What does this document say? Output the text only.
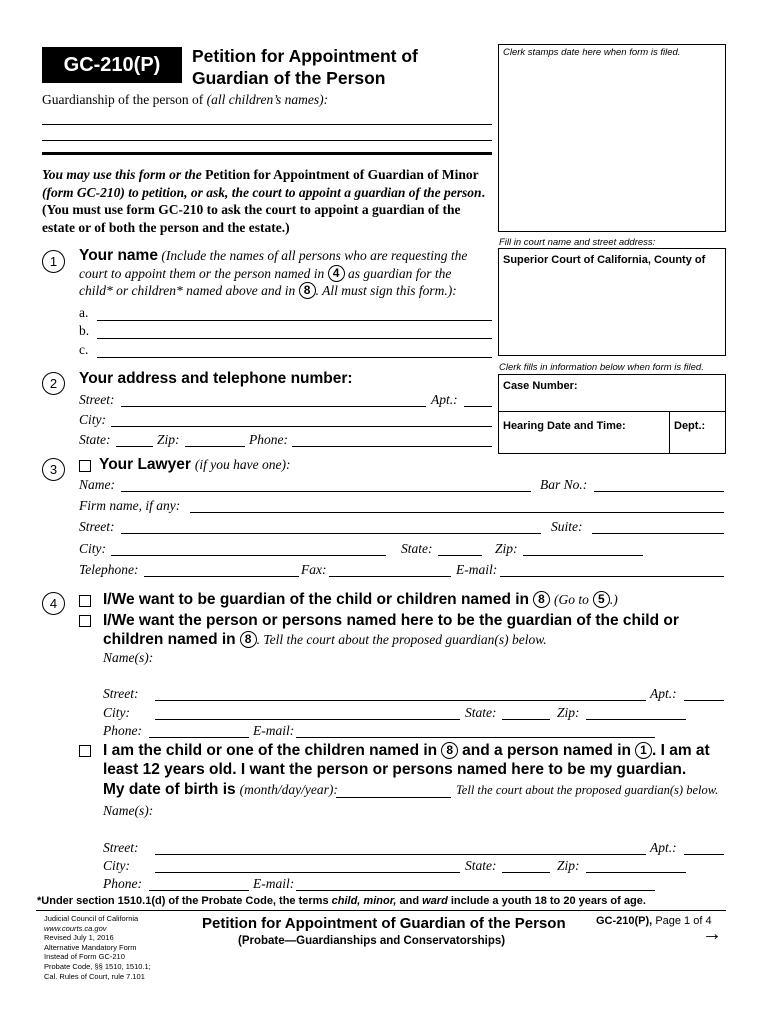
GC-210(P)	Petition for Appointment of
Guardian of the Person
Guardianship of the person of (all children’s names):
You may use this form or the Petition for Appointment of Guardian of Minor (form GC-210) to petition, or ask, the court to appoint a guardian of the person. (You must use form GC-210 to ask the court to appoint a guardian of the estate or of both the person and the estate.)
Clerk stamps date here when form is filed.
Fill in court name and street address:
Superior Court of California, County of
Clerk fills in information below when form is filed.
Case Number:
Hearing Date and Time:	Dept.:
1	Your name (Include the names of all persons who are requesting the
court to appoint them or the person named in 4 as guardian for the
child* or children* named above and in 8 . All must sign this form.):
a.
b.
c.
2	Your address and telephone number:
Street:	Apt.:
City:
State:	Zip:	Phone:
3	Your Lawyer (if you have one):
Name:	Bar No.:
Firm name, if any:
Street:	Suite:
City:	State:	Zip:
Telephone:	Fax:	E-mail:
4	I/We want to be guardian of the child or children named in 8 (Go to 5 .)
I/We want the person or persons named here to be the guardian of the child or
children named in 8 . Tell the court about the proposed guardian(s) below.
Name(s):
Street:	Apt.:
City:	State:	Zip:
Phone:	E-mail:
I am the child or one of the children named in 8 and a person named in 1 . I am at
least 12 years old. I want the person or persons named here to be my guardian.
My date of birth is (month/day/year):	Tell the court about the proposed guardian(s) below.
Name(s):
Street:	Apt.:
City:	State:	Zip:
Phone:	E-mail:
*Under section 1510.1(d) of the Probate Code, the terms child, minor, and ward include a youth 18 to 20 years of age.
Judicial Council of California
www.courts.ca.gov
Revised July 1, 2016
Alternative Mandatory Form
Instead of Form GC-210
Probate Code, §§ 1510, 1510.1;
Cal. Rules of Court, rule 7.101
Petition for Appointment of Guardian of the Person
(Probate—Guardianships and Conservatorships)
GC-210(P), Page 1 of 4
→
